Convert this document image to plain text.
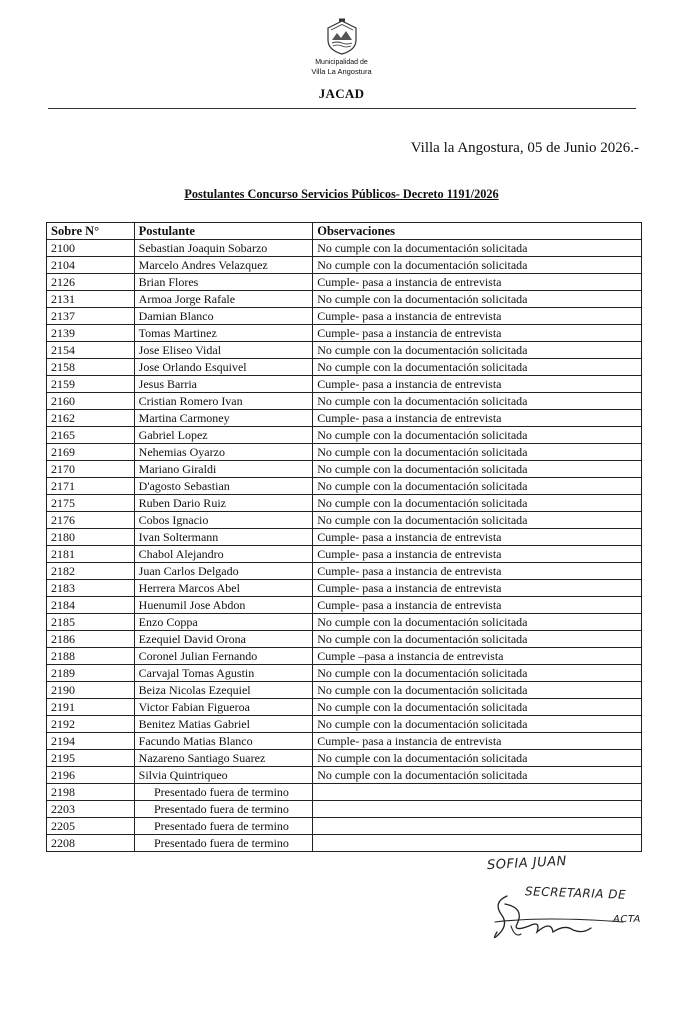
Municipalidad de
Villa La Angostura
JACAD
Villa la Angostura, 05 de Junio 2026.-
Postulantes Concurso Servicios Públicos- Decreto 1191/2026
Sobre N°	Postulante	Observaciones
2100	Sebastian Joaquin Sobarzo	No cumple con la documentación solicitada
2104	Marcelo Andres Velazquez	No cumple con la documentación solicitada
2126	Brian Flores	Cumple- pasa a instancia de entrevista
2131	Armoa Jorge Rafale	No cumple con la documentación solicitada
2137	Damian Blanco	Cumple- pasa a instancia de entrevista
2139	Tomas Martinez	Cumple- pasa a instancia de entrevista
2154	Jose Eliseo Vidal	No cumple con la documentación solicitada
2158	Jose Orlando Esquivel	No cumple con la documentación solicitada
2159	Jesus Barria	Cumple- pasa a instancia de entrevista
2160	Cristian Romero Ivan	No cumple con la documentación solicitada
2162	Martina Carmoney	Cumple- pasa a instancia de entrevista
2165	Gabriel Lopez	No cumple con la documentación solicitada
2169	Nehemias Oyarzo	No cumple con la documentación solicitada
2170	Mariano Giraldi	No cumple con la documentación solicitada
2171	D'agosto Sebastian	No cumple con la documentación solicitada
2175	Ruben Dario Ruiz	No cumple con la documentación solicitada
2176	Cobos Ignacio	No cumple con la documentación solicitada
2180	Ivan Soltermann	Cumple- pasa a instancia de entrevista
2181	Chabol Alejandro	Cumple- pasa a instancia de entrevista
2182	Juan Carlos Delgado	Cumple- pasa a instancia de entrevista
2183	Herrera Marcos Abel	Cumple- pasa a instancia de entrevista
2184	Huenumil Jose Abdon	Cumple- pasa a instancia de entrevista
2185	Enzo Coppa	No cumple con la documentación solicitada
2186	Ezequiel David Orona	No cumple con la documentación solicitada
2188	Coronel Julian Fernando	Cumple –pasa a instancia de entrevista
2189	Carvajal Tomas Agustin	No cumple con la documentación solicitada
2190	Beiza Nicolas Ezequiel	No cumple con la documentación solicitada
2191	Victor Fabian Figueroa	No cumple con la documentación solicitada
2192	Benitez Matias Gabriel	No cumple con la documentación solicitada
2194	Facundo Matias Blanco	Cumple- pasa a instancia de entrevista
2195	Nazareno Santiago Suarez	No cumple con la documentación solicitada
2196	Silvia Quintriqueo	No cumple con la documentación solicitada
2198	Presentado fuera de termino	
2203	Presentado fuera de termino	
2205	Presentado fuera de termino	
2208	Presentado fuera de termino	
SOFIA JUAN
SECRETARIA DE
ACTA
